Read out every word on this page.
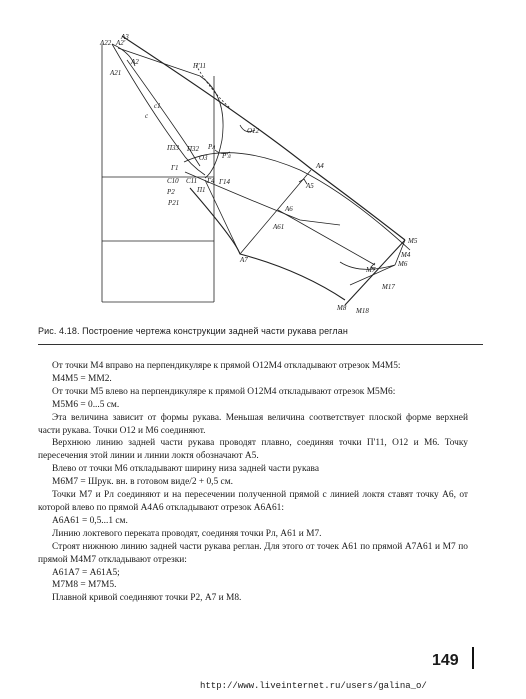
A22 A2'
A3
A2
A21
П'11
c1
c
O12
П33 П32 Рл
O3 P'л
Г1
С10 С11 Г4 Г14
П1
Р2
P21
А4
А5
А6
А61
А7
M5
M4
M6
M7
M17
M8 M18
Рис. 4.18. Построение чертежа конструкции задней части рукава реглан

От точки М4 вправо на перпендикуляре к прямой О12М4 откладывают отрезок М4М5:

М4М5 = ММ2.

От точки М5 влево на перпендикуляре к прямой О12М4 откладывают отрезок М5М6:

М5М6 = 0...5 см.

Эта величина зависит от формы рукава. Меньшая величина соответствует плоской форме верхней части рукава. Точки О12 и М6 соединяют.

Верхнюю линию задней части рукава проводят плавно, соединяя точки П'11, О12 и М6. Точку пересечения этой линии и линии локтя обозначают А5.

Влево от точки М6 откладывают ширину низа задней части рукава

М6М7 = Шрук. вн. в готовом виде/2 + 0,5 см.

Точки М7 и Рл соединяют и на пересечении полученной прямой с линией локтя ставят точку А6, от которой влево по прямой А4А6 откладывают отрезок А6А61:

А6А61 = 0,5...1 см.

Линию локтевого переката проводят, соединяя точки Рл, А61 и М7.

Строят нижнюю линию задней части рукава реглан. Для этого от точек А61 по прямой А7А61 и М7 по прямой М4М7 откладывают отрезки:

А61А7 = А61А5;

М7М8 = М7М5.

Плавной кривой соединяют точки Р2, А7 и М8.

149
http://www.liveinternet.ru/users/galina_o/
